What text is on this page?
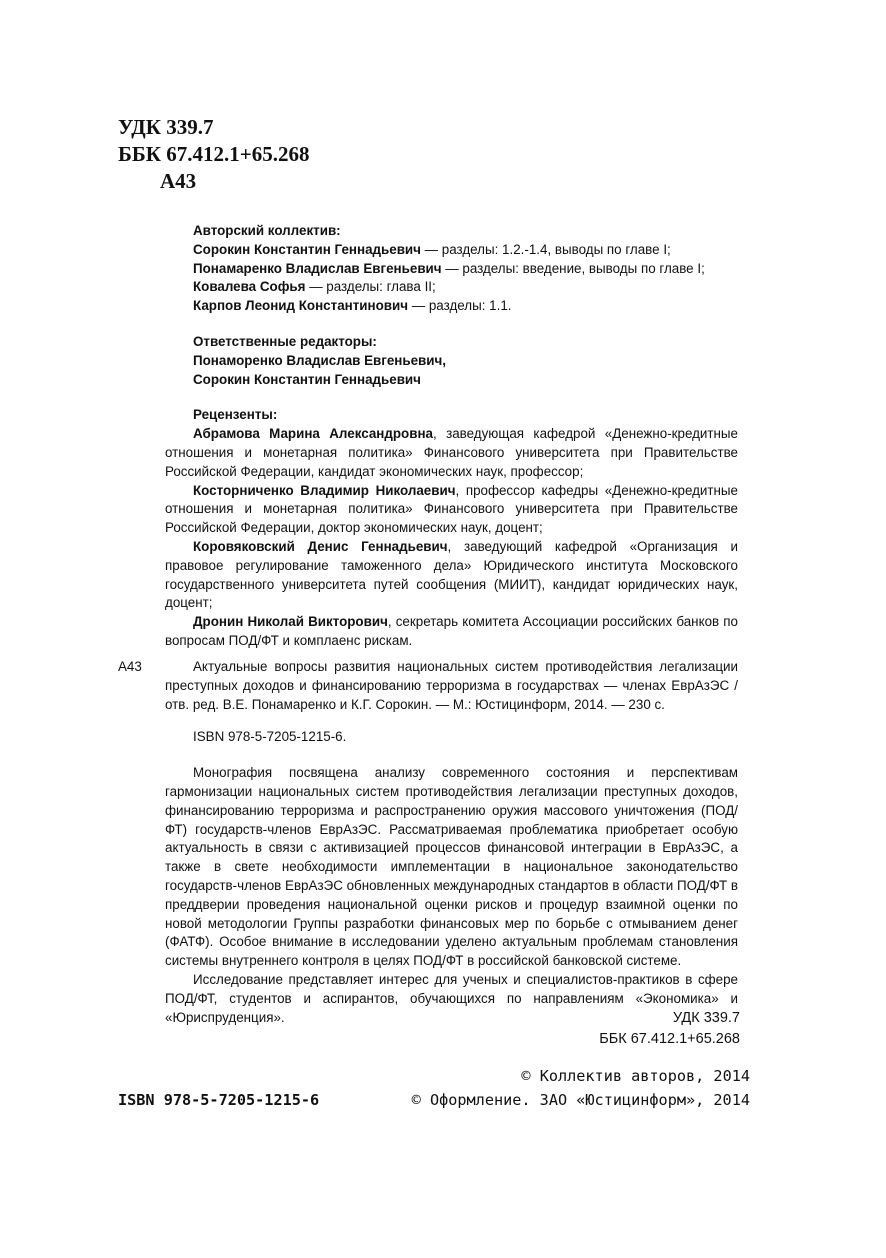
УДК 339.7
ББК 67.412.1+65.268
А43

Авторский коллектив:

Сорокин Константин Геннадьевич — разделы: 1.2.-1.4, выводы по главе I;

Понамаренко Владислав Евгеньевич — разделы: введение, выводы по главе I;

Ковалева Софья — разделы: глава II;

Карпов Леонид Константинович — разделы: 1.1.

Ответственные редакторы:

Понаморенко Владислав Евгеньевич,

Сорокин Константин Геннадьевич

Рецензенты:

Абрамова Марина Александровна, заведующая кафедрой «Денежно-кредитные отношения и монетарная политика» Финансового университета при Правительстве Российской Федерации, кандидат экономических наук, профессор;

Косторниченко Владимир Николаевич, профессор кафедры «Денежно-кредитные отношения и монетарная политика» Финансового университета при Правительстве Российской Федерации, доктор экономических наук, доцент;

Коровяковский Денис Геннадьевич, заведующий кафедрой «Организация и правовое регулирование таможенного дела» Юридического института Московского государственного университета путей сообщения (МИИТ), кандидат юридических наук, доцент;

Дронин Николай Викторович, секретарь комитета Ассоциации российских банков по вопросам ПОД/ФТ и комплаенс рискам.

А43	Актуальные вопросы развития национальных систем противодействия легализации преступных доходов и финансированию терроризма в государствах — членах ЕврАзЭС / отв. ред. В.Е. Понамаренко и К.Г. Сорокин. — М.: Юстицинформ, 2014. — 230 с.

ISBN 978-5-7205-1215-6.

Монография посвящена анализу современного состояния и перспективам гармонизации национальных систем противодействия легализации преступных доходов, финансированию терроризма и распространению оружия массового уничтожения (ПОД/ФТ) государств-членов ЕврАзЭС. Рассматриваемая проблематика приобретает особую актуальность в связи с активизацией процессов финансовой интеграции в ЕврАзЭС, а также в свете необходимости имплементации в национальное законодательство государств-членов ЕврАзЭС обновленных международных стандартов в области ПОД/ФТ в преддверии проведения национальной оценки рисков и процедур взаимной оценки по новой методологии Группы разработки финансовых мер по борьбе с отмыванием денег (ФАТФ). Особое внимание в исследовании уделено актуальным проблемам становления системы внутреннего контроля в целях ПОД/ФТ в российской банковской системе.

Исследование представляет интерес для ученых и специалистов-практиков в сфере ПОД/ФТ, студентов и аспирантов, обучающихся по направлениям «Экономика» и «Юриспруденция».	УДК 339.7
ББК 67.412.1+65.268
© Коллектив авторов, 2014
© Оформление. ЗАО «Юстицинформ», 2014
ISBN 978-5-7205-1215-6
